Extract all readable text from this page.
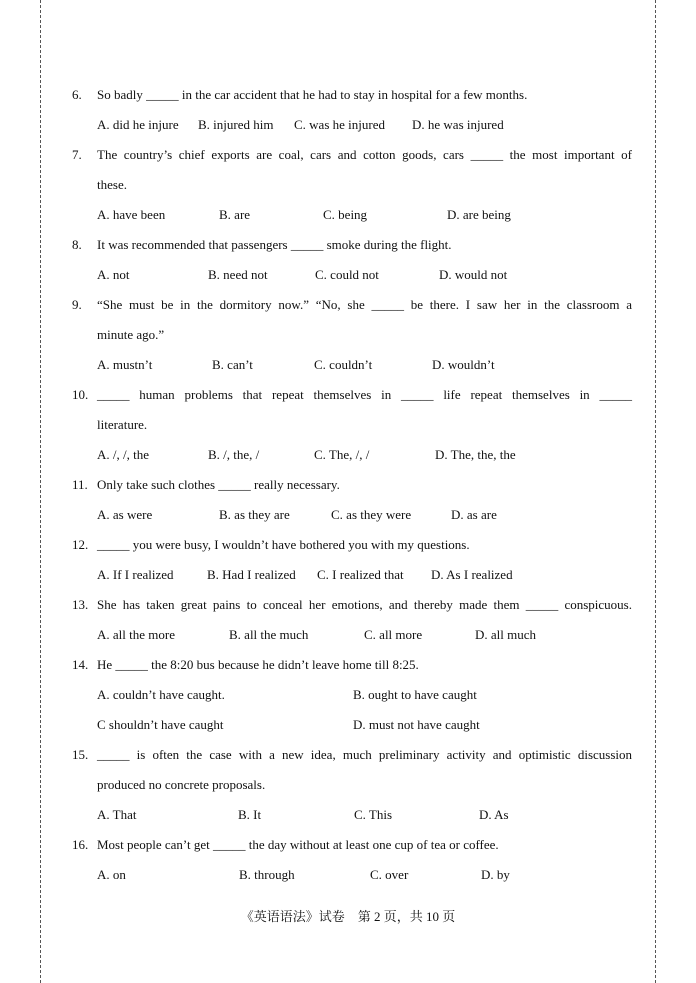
6. So badly _____ in the car accident that he had to stay in hospital for a few months.
A. did he injure B. injured him C. was he injured D. he was injured
7. The country’s chief exports are coal, cars and cotton goods, cars _____ the most important of
these.
A. have been	B. are	C. being	D. are being
8. It was recommended that passengers _____ smoke during the flight.
A. not	B. need not	C. could not	D. would not
9. “She must be in the dormitory now.” “No, she _____ be there. I saw her in the classroom a
minute ago.”
A. mustn’t	B. can’t	C. couldn’t	D. wouldn’t
10. _____ human problems that repeat themselves in _____ life repeat themselves in _____
literature.
A. /, /, the	B. /, the, /	C. The, /, /	D. The, the, the
11. Only take such clothes _____ really necessary.
A. as were	B. as they are	C. as they were	D. as are
12. _____ you were busy, I wouldn’t have bothered you with my questions.
A. If I realized	B. Had I realized C. I realized that D. As I realized
13. She has taken great pains to conceal her emotions, and thereby made them _____ conspicuous.
A. all the more	B. all the much	C. all more	D. all much
14. He _____ the 8:20 bus because he didn’t leave home till 8:25.
A. couldn’t have caught.	B. ought to have caught
C shouldn’t have caught	D. must not have caught
15. _____ is often the case with a new idea, much preliminary activity and optimistic discussion
produced no concrete proposals.
A. That	B. It	C. This	D. As
16. Most people can’t get _____ the day without at least one cup of tea or coffee.
A. on	B. through	C. over	D. by
《英语语法》试卷　第 2 页，共 10 页
